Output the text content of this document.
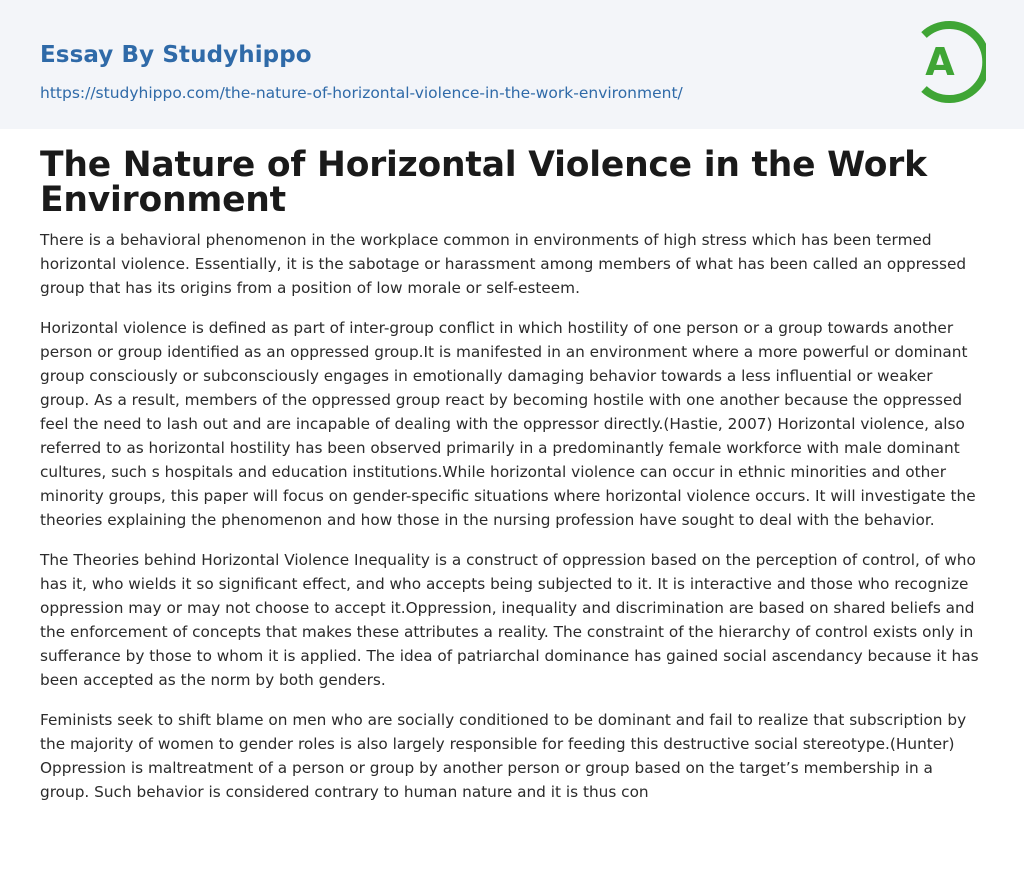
Essay By Studyhippo
https://studyhippo.com/the-nature-of-horizontal-violence-in-the-work-environment/
A
The Nature of Horizontal Violence in the Work Environment

There is a behavioral phenomenon in the workplace common in environments of high stress which has been termed horizontal violence. Essentially, it is the sabotage or harassment among members of what has been called an oppressed group that has its origins from a position of low morale or self-esteem.

Horizontal violence is defined as part of inter-group conflict in which hostility of one person or a group towards another person or group identified as an oppressed group.It is manifested in an environment where a more powerful or dominant group consciously or subconsciously engages in emotionally damaging behavior towards a less influential or weaker group. As a result, members of the oppressed group react by becoming hostile with one another because the oppressed feel the need to lash out and are incapable of dealing with the oppressor directly.(Hastie, 2007) Horizontal violence, also referred to as horizontal hostility has been observed primarily in a predominantly female workforce with male dominant cultures, such s hospitals and education institutions.While horizontal violence can occur in ethnic minorities and other minority groups, this paper will focus on gender-specific situations where horizontal violence occurs. It will investigate the theories explaining the phenomenon and how those in the nursing profession have sought to deal with the behavior.

The Theories behind Horizontal Violence Inequality is a construct of oppression based on the perception of control, of who has it, who wields it so significant effect, and who accepts being subjected to it. It is interactive and those who recognize oppression may or may not choose to accept it.Oppression, inequality and discrimination are based on shared beliefs and the enforcement of concepts that makes these attributes a reality. The constraint of the hierarchy of control exists only in sufferance by those to whom it is applied. The idea of patriarchal dominance has gained social ascendancy because it has been accepted as the norm by both genders.

Feminists seek to shift blame on men who are socially conditioned to be dominant and fail to realize that subscription by the majority of women to gender roles is also largely responsible for feeding this destructive social stereotype.(Hunter) Oppression is maltreatment of a person or group by another person or group based on the target’s membership in a group. Such behavior is considered contrary to human nature and it is thus con
